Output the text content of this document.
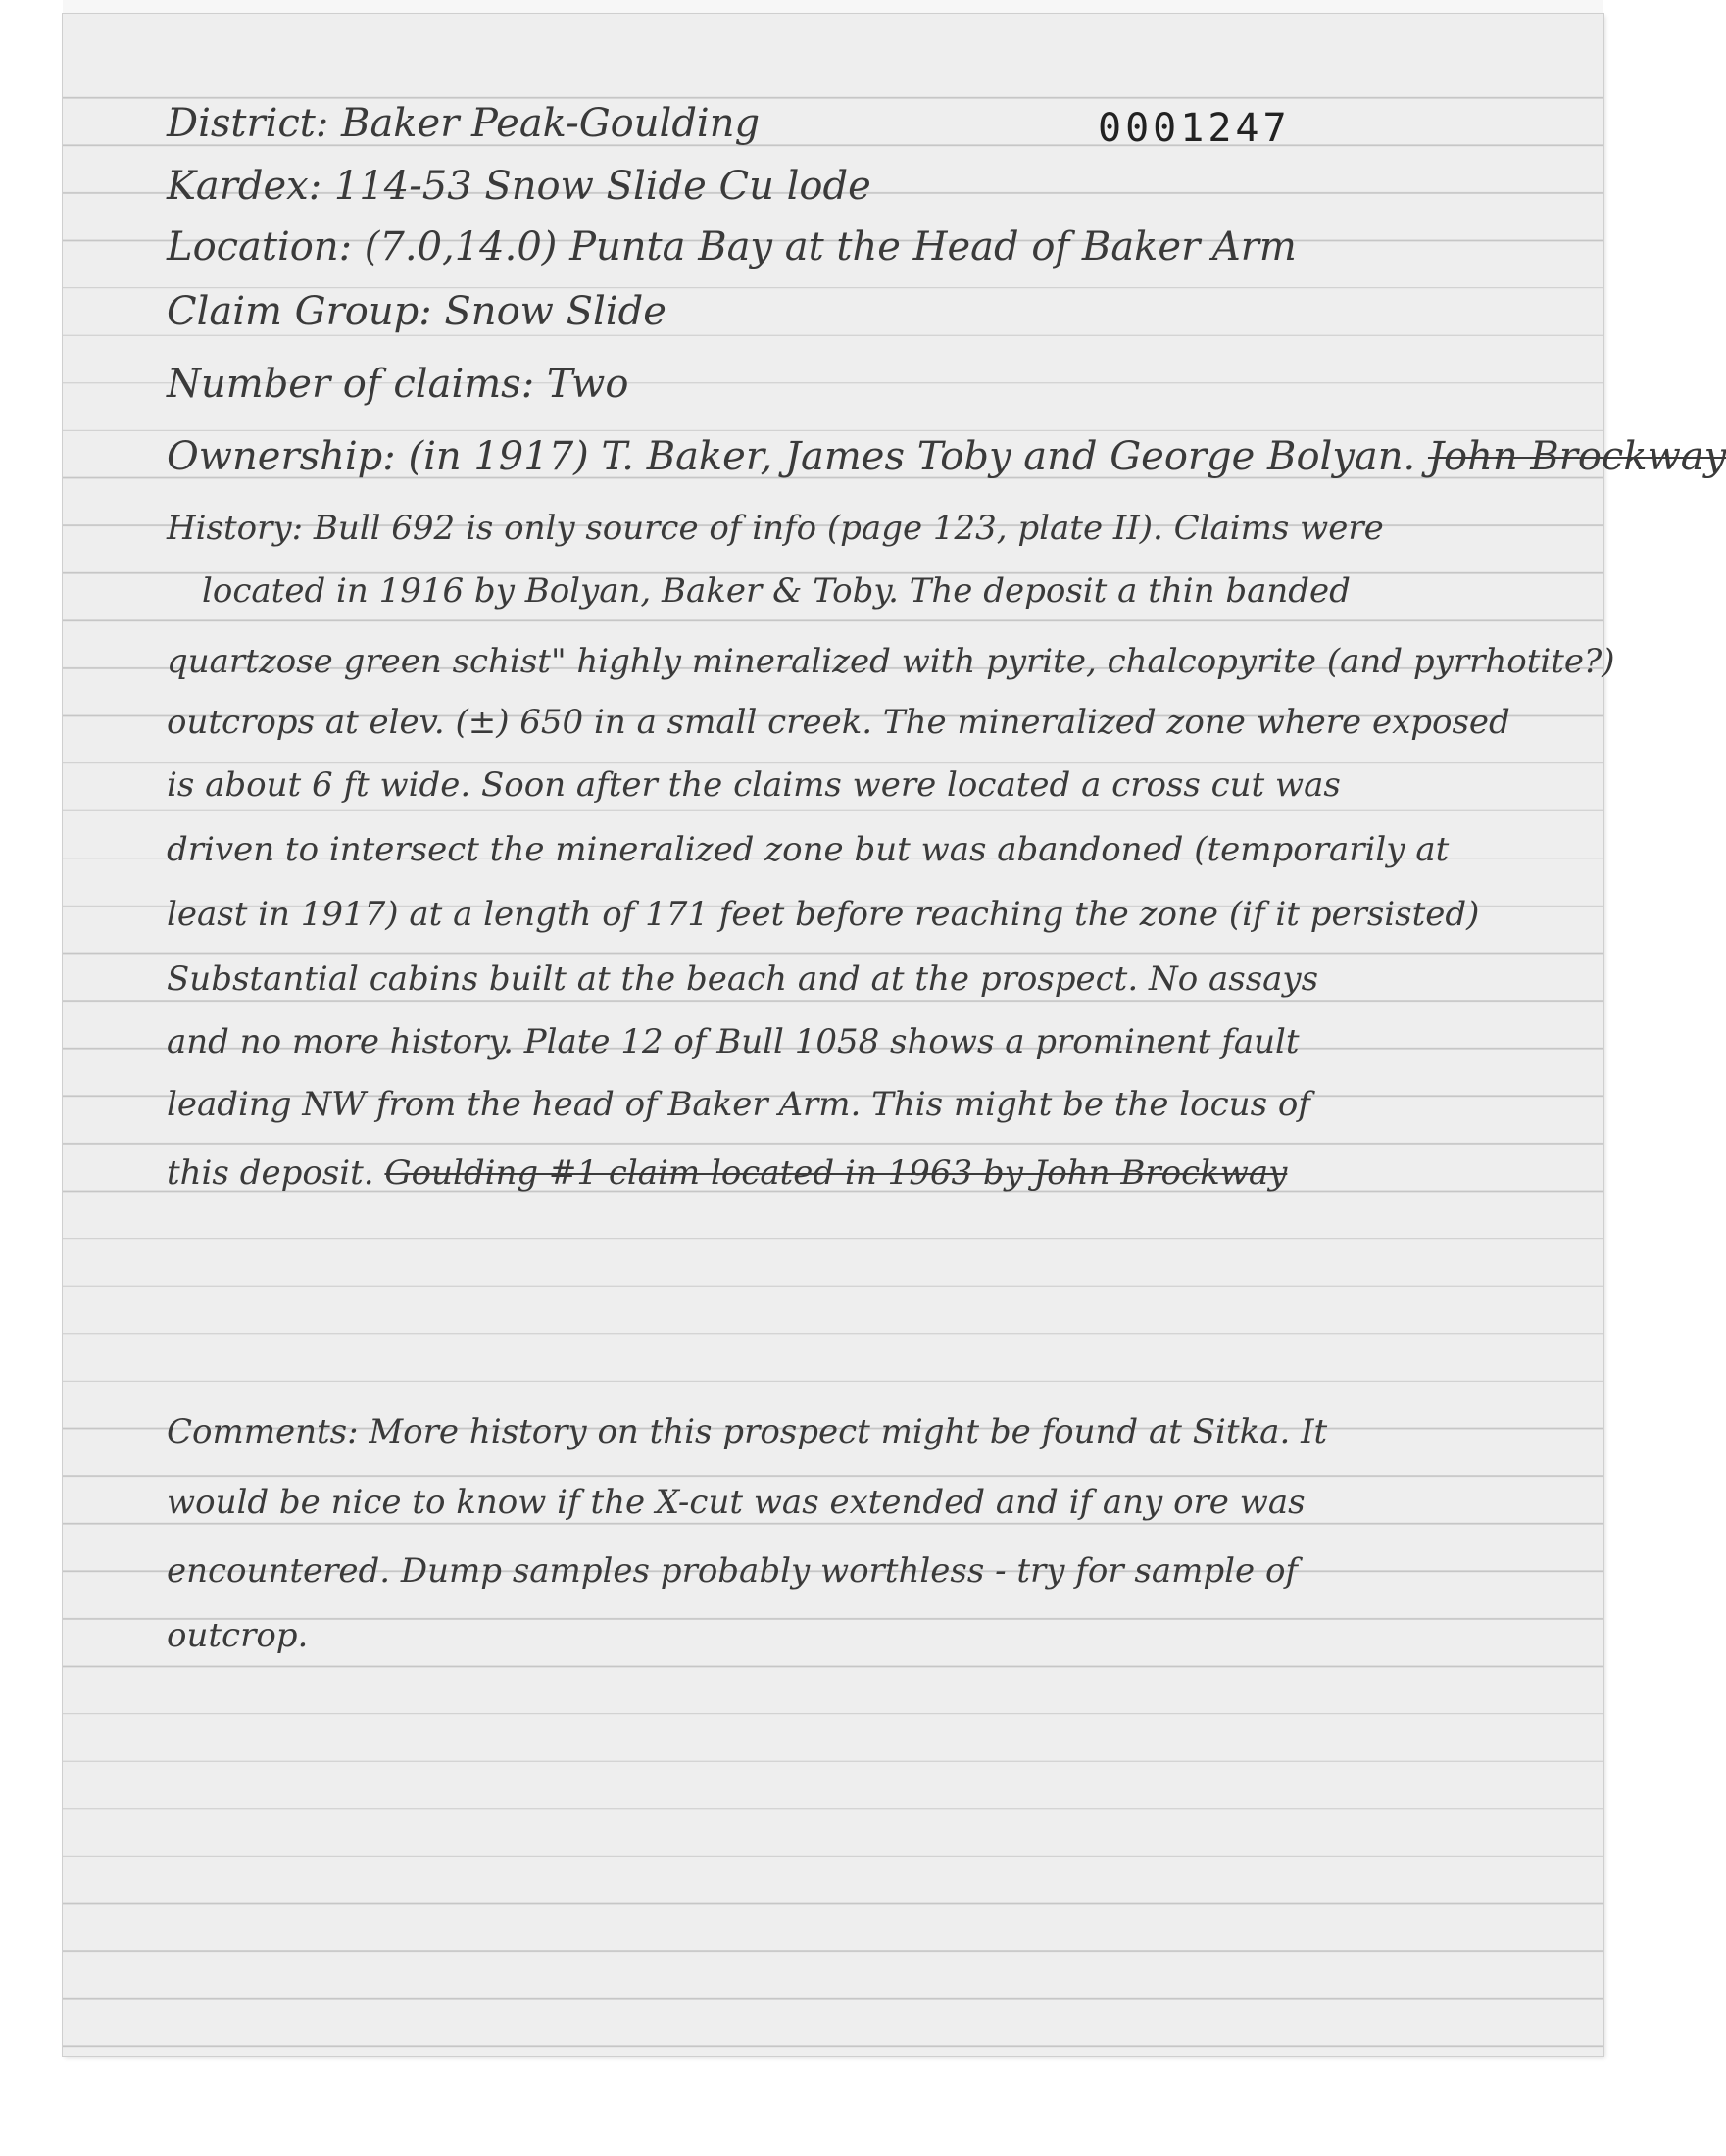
0001247
District: Baker Peak-Goulding
Kardex: 114-53 Snow Slide Cu lode
Location: (7.0,14.0) Punta Bay at the Head of Baker Arm
Claim Group: Snow Slide
Number of claims: Two
Ownership: (in 1917) T. Baker, James Toby and George Bolyan. John Brockway
History: Bull 692 is only source of info (page 123, plate II). Claims were
located in 1916 by Bolyan, Baker & Toby. The deposit a thin banded
quartzose green schist" highly mineralized with pyrite, chalcopyrite (and pyrrhotite?)
outcrops at elev. (±) 650 in a small creek. The mineralized zone where exposed
is about 6 ft wide. Soon after the claims were located a cross cut was
driven to intersect the mineralized zone but was abandoned (temporarily at
least in 1917) at a length of 171 feet before reaching the zone (if it persisted)
Substantial cabins built at the beach and at the prospect. No assays
and no more history. Plate 12 of Bull 1058 shows a prominent fault
leading NW from the head of Baker Arm. This might be the locus of
this deposit. Goulding #1 claim located in 1963 by John Brockway
Comments: More history on this prospect might be found at Sitka. It
would be nice to know if the X-cut was extended and if any ore was
encountered. Dump samples probably worthless - try for sample of
outcrop.
